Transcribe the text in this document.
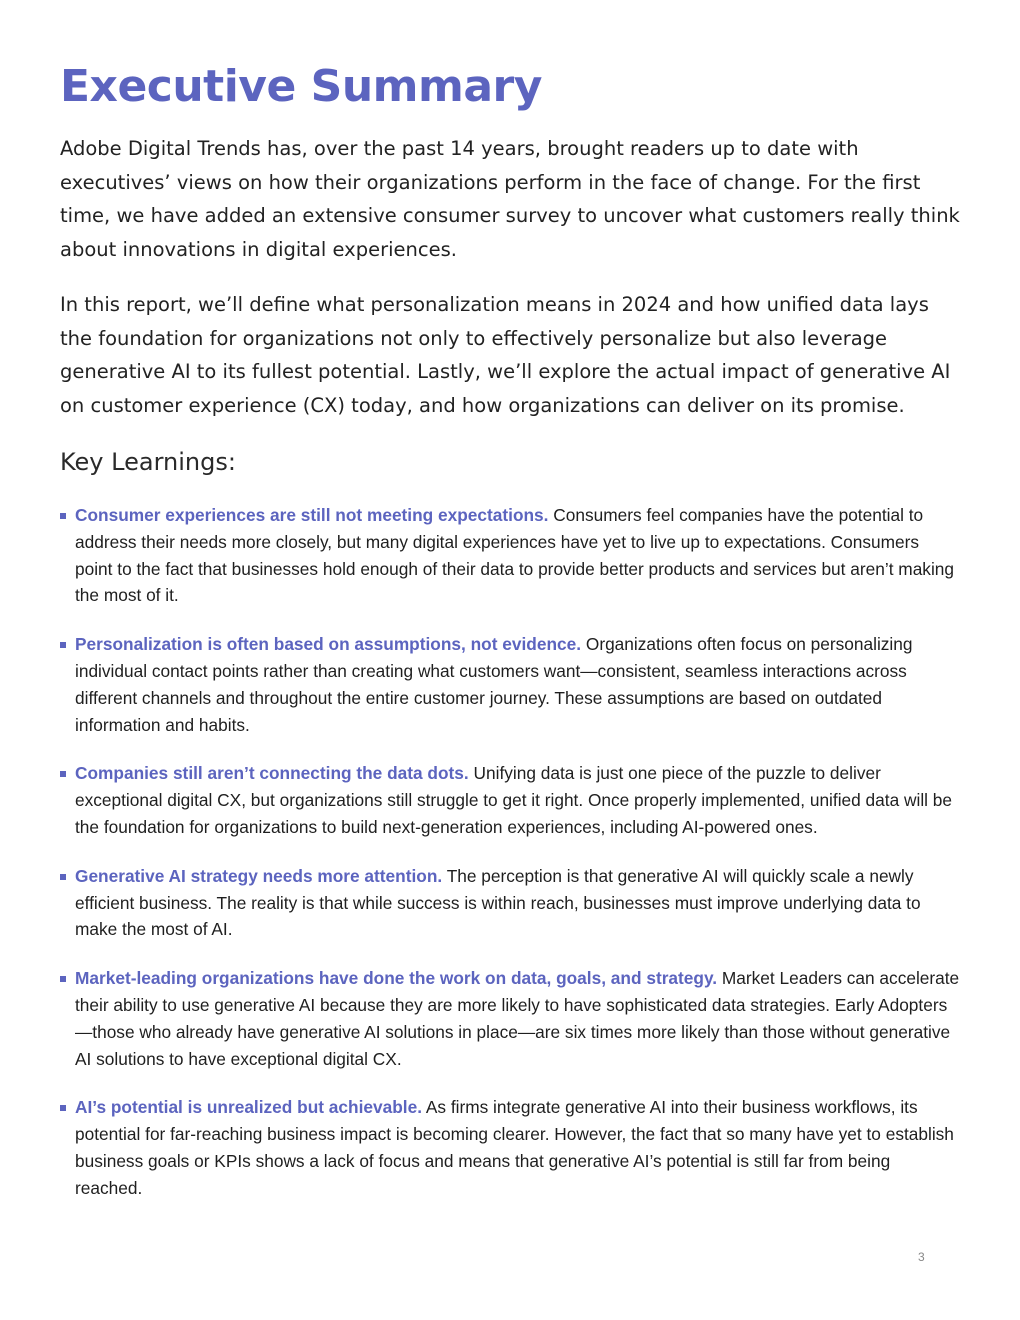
Executive Summary

Adobe Digital Trends has, over the past 14 years, brought readers up to date with executives’ views on how their organizations perform in the face of change. For the first time, we have added an extensive consumer survey to uncover what customers really think about innovations in digital experiences.

In this report, we’ll define what personalization means in 2024 and how unified data lays the foundation for organizations not only to effectively personalize but also leverage generative AI to its fullest potential. Lastly, we’ll explore the actual impact of generative AI on customer experience (CX) today, and how organizations can deliver on its promise.

Key Learnings:
Consumer experiences are still not meeting expectations. Consumers feel companies have the potential to address their needs more closely, but many digital experiences have yet to live up to expectations. Consumers point to the fact that businesses hold enough of their data to provide better products and services but aren’t making the most of it.
Personalization is often based on assumptions, not evidence. Organizations often focus on personalizing individual contact points rather than creating what customers want—consistent, seamless interactions across different channels and throughout the entire customer journey. These assumptions are based on outdated information and habits.
Companies still aren’t connecting the data dots. Unifying data is just one piece of the puzzle to deliver exceptional digital CX, but organizations still struggle to get it right. Once properly implemented, unified data will be the foundation for organizations to build next-generation experiences, including AI-powered ones.
Generative AI strategy needs more attention. The perception is that generative AI will quickly scale a newly efficient business. The reality is that while success is within reach, businesses must improve underlying data to make the most of AI.
Market-leading organizations have done the work on data, goals, and strategy. Market Leaders can accelerate their ability to use generative AI because they are more likely to have sophisticated data strategies. Early Adopters—those who already have generative AI solutions in place—are six times more likely than those without generative AI solutions to have exceptional digital CX.
AI’s potential is unrealized but achievable. As firms integrate generative AI into their business workflows, its potential for far-reaching business impact is becoming clearer. However, the fact that so many have yet to establish business goals or KPIs shows a lack of focus and means that generative AI’s potential is still far from being reached.
3
